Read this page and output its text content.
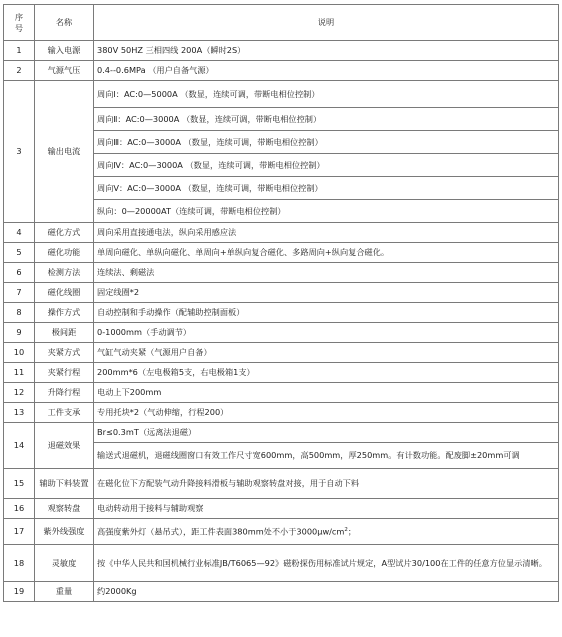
序
号	名称	说明
1	输入电源	380V 50HZ 三相四线 200A（瞬时2S）
2	气源气压	0.4--0.6MPa （用户自备气源）
3	输出电流	周向Ⅰ：AC:0—5000A （数显，连续可调，带断电相位控制）
		周向Ⅱ：AC:0—3000A （数显，连续可调，带断电相位控制）
		周向Ⅲ：AC:0—3000A （数显，连续可调，带断电相位控制）
		周向Ⅳ：AC:0—3000A （数显，连续可调，带断电相位控制）
		周向Ⅴ：AC:0—3000A （数显，连续可调，带断电相位控制）
		纵向：0—20000AT（连续可调，带断电相位控制）
4	磁化方式	周向采用直接通电法，纵向采用感应法
5	磁化功能	单周向磁化、单纵向磁化、单周向+单纵向复合磁化、多路周向+纵向复合磁化。
6	检测方法	连续法、剩磁法
7	磁化线圈	固定线圈*2
8	操作方式	自动控制和手动操作（配辅助控制面板）
9	极间距	0-1000mm（手动调节）
10	夹紧方式	气缸气动夹紧（气源用户自备）
11	夹紧行程	200mm*6（左电极箱5支，右电极箱1支）
12	升降行程	电动上下200mm
13	工件支承	专用托块*2（气动伸缩，行程200）
14	退磁效果	Br≤0.3mT（远离法退磁）
		输送式退磁机，退磁线圈窗口有效工作尺寸宽600mm，高500mm，厚250mm。有计数功能。配废脚±20mm可调
15	辅助下料装置	在磁化位下方配装气动升降接料滑板与辅助观察转盘对接，用于自动下料
16	观察转盘	电动转动用于接料与辅助观察
17	紫外线强度	高强度紫外灯（悬吊式），距工件表面380mm处不小于$3000\mu w/cm^2$；
18	灵敏度	按《中华人民共和国机械行业标准JB/T6065—92》磁粉探伤用标准试片规定，A型试片30/100在工件的任意方位显示清晰。
19	重量	约2000Kg
